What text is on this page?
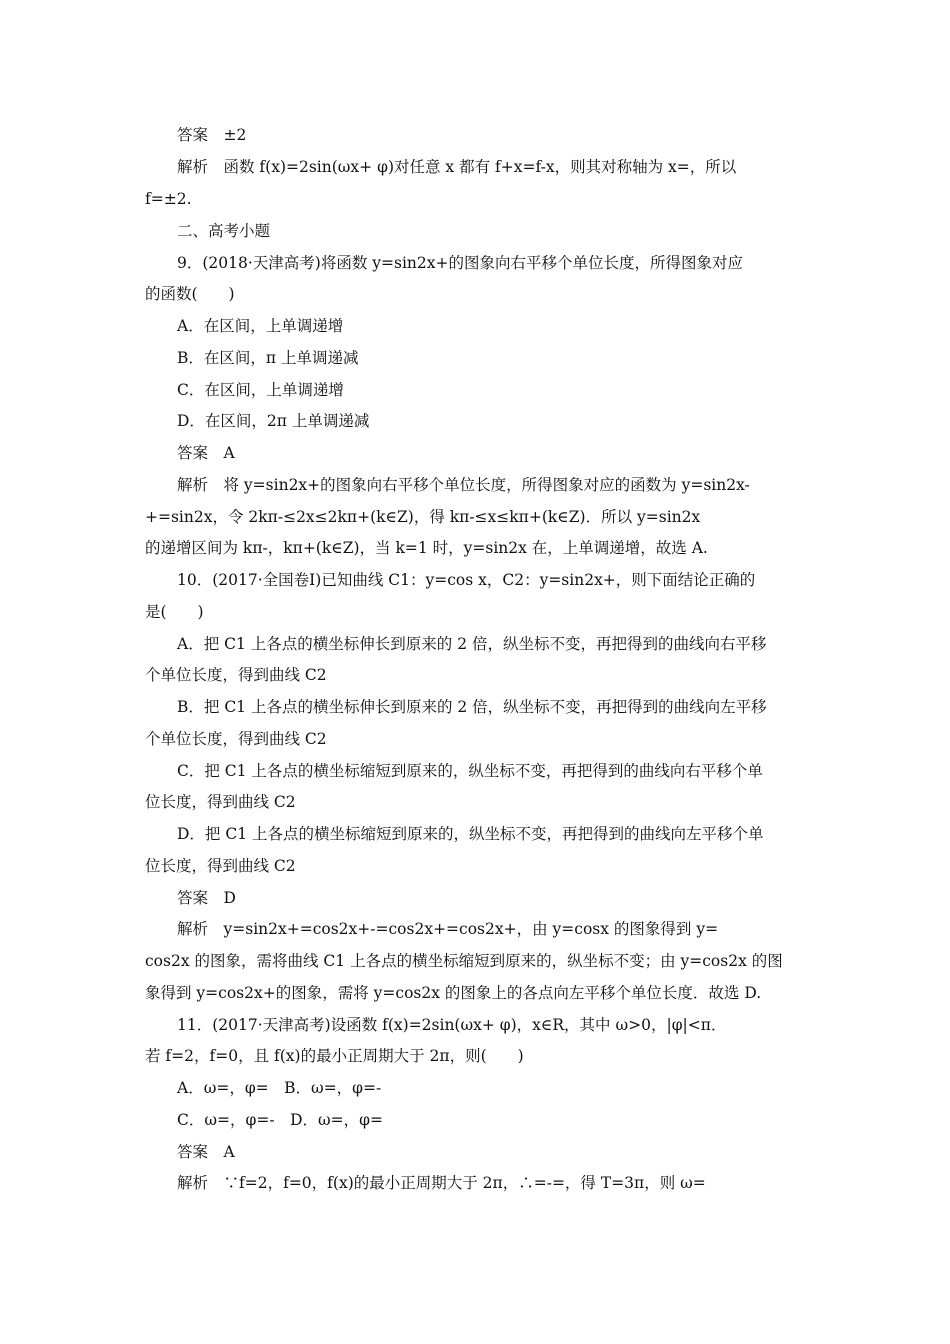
答案　±2
解析　函数 f(x)=2sin(ωx+ φ)对任意 x 都有 f+x=f-x，则其对称轴为 x=，所以
f=±2.
二、高考小题
9．(2018·天津高考)将函数 y=sin2x+的图象向右平移个单位长度，所得图象对应
的函数(　　)
A．在区间，上单调递增
B．在区间，π 上单调递减
C．在区间，上单调递增
D．在区间，2π 上单调递减
答案　A
解析　将 y=sin2x+的图象向右平移个单位长度，所得图象对应的函数为 y=sin2x-
+=sin2x，令 2kπ-≤2x≤2kπ+(k∈Z)，得 kπ-≤x≤kπ+(k∈Z)．所以 y=sin2x
的递增区间为 kπ-，kπ+(k∈Z)，当 k=1 时，y=sin2x 在，上单调递增，故选 A.
10．(2017·全国卷Ⅰ)已知曲线 C1：y=cos x，C2：y=sin2x+，则下面结论正确的
是(　　)
A．把 C1 上各点的横坐标伸长到原来的 2 倍，纵坐标不变，再把得到的曲线向右平移
个单位长度，得到曲线 C2
B．把 C1 上各点的横坐标伸长到原来的 2 倍，纵坐标不变，再把得到的曲线向左平移
个单位长度，得到曲线 C2
C．把 C1 上各点的横坐标缩短到原来的，纵坐标不变，再把得到的曲线向右平移个单
位长度，得到曲线 C2
D．把 C1 上各点的横坐标缩短到原来的，纵坐标不变，再把得到的曲线向左平移个单
位长度，得到曲线 C2
答案　D
解析　y=sin2x+=cos2x+-=cos2x+=cos2x+，由 y=cosx 的图象得到 y=
cos2x 的图象，需将曲线 C1 上各点的横坐标缩短到原来的，纵坐标不变；由 y=cos2x 的图
象得到 y=cos2x+的图象，需将 y=cos2x 的图象上的各点向左平移个单位长度．故选 D.
11．(2017·天津高考)设函数 f(x)=2sin(ωx+ φ)，x∈R，其中 ω>0，|φ|<π．
若 f=2，f=0，且 f(x)的最小正周期大于 2π，则(　　)
A．ω=，φ=　B．ω=，φ=-
C．ω=，φ=-　D．ω=，φ=
答案　A
解析　∵f=2，f=0，f(x)的最小正周期大于 2π，∴=-=，得 T=3π，则 ω=
